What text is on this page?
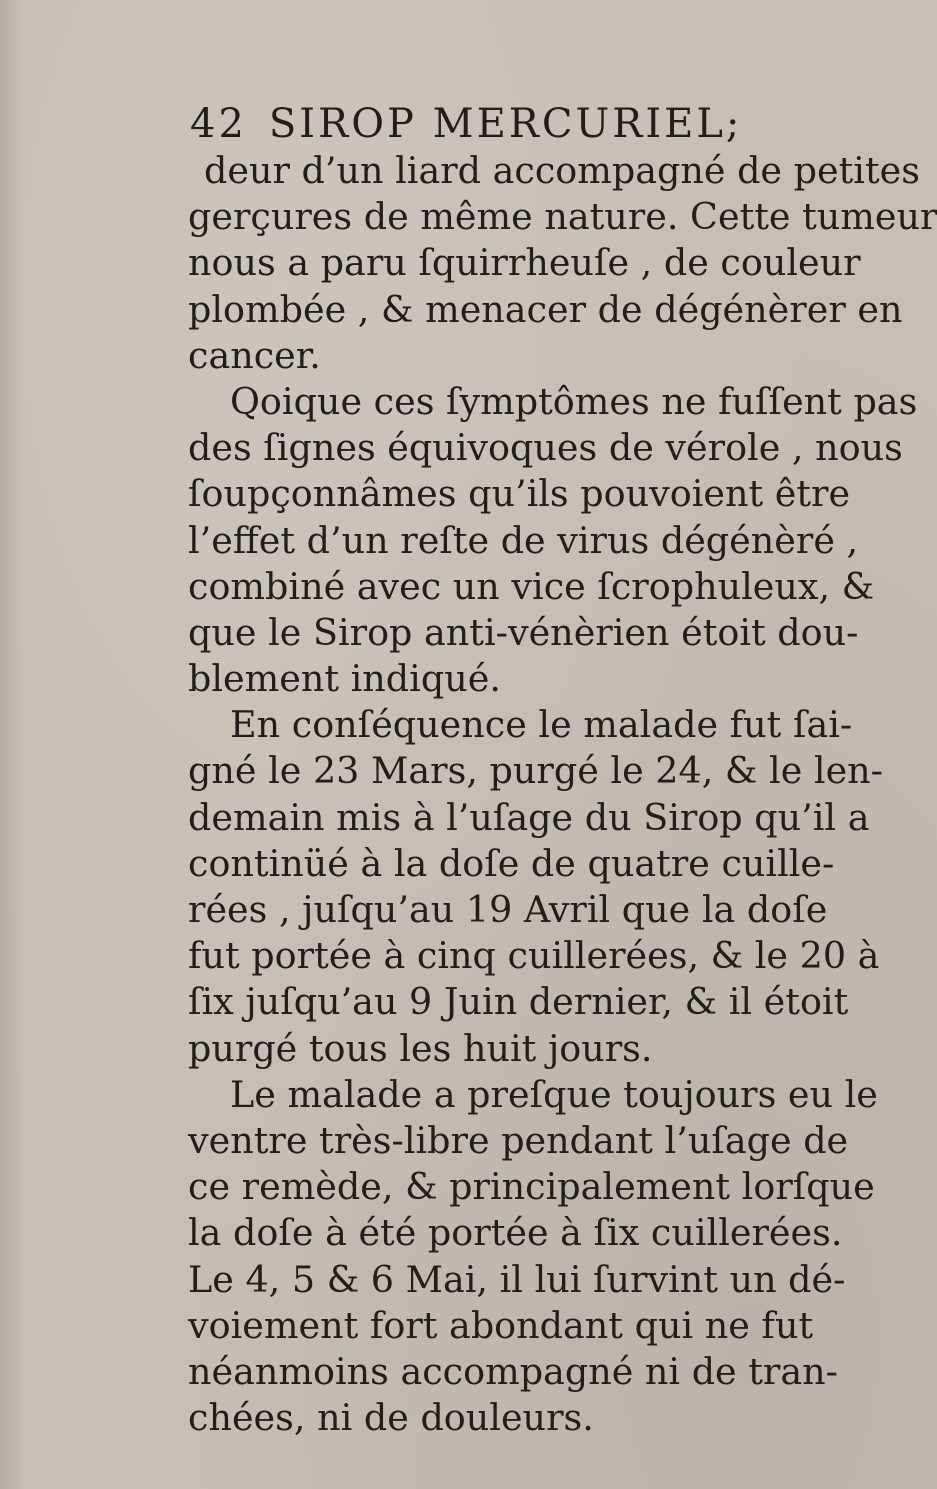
42 SIROP MERCURIEL;
deur d’un liard accompagné de petites
gerçures de même nature. Cette tumeur
nous a paru ſquirrheuſe , de couleur
plombée , & menacer de dégénèrer en
cancer.
Qoique ces ſymptômes ne fuſſent pas
des ſignes équivoques de vérole , nous
ſoupçonnâmes qu’ils pouvoient être
l’effet d’un reſte de virus dégénèré ,
combiné avec un vice ſcrophuleux, &
que le Sirop anti-vénèrien étoit dou-
blement indiqué.
En conſéquence le malade fut ſai-
gné le 23 Mars, purgé le 24, & le len-
demain mis à l’uſage du Sirop qu’il a
continüé à la doſe de quatre cuille-
rées , juſqu’au 19 Avril que la doſe
fut portée à cinq cuillerées, & le 20 à
ſix juſqu’au 9 Juin dernier, & il étoit
purgé tous les huit jours.
Le malade a preſque toujours eu le
ventre très-libre pendant l’uſage de
ce remède, & principalement lorſque
la doſe à été portée à ſix cuillerées.
Le 4, 5 & 6 Mai, il lui ſurvint un dé-
voiement fort abondant qui ne fut
néanmoins accompagné ni de tran-
chées, ni de douleurs.
